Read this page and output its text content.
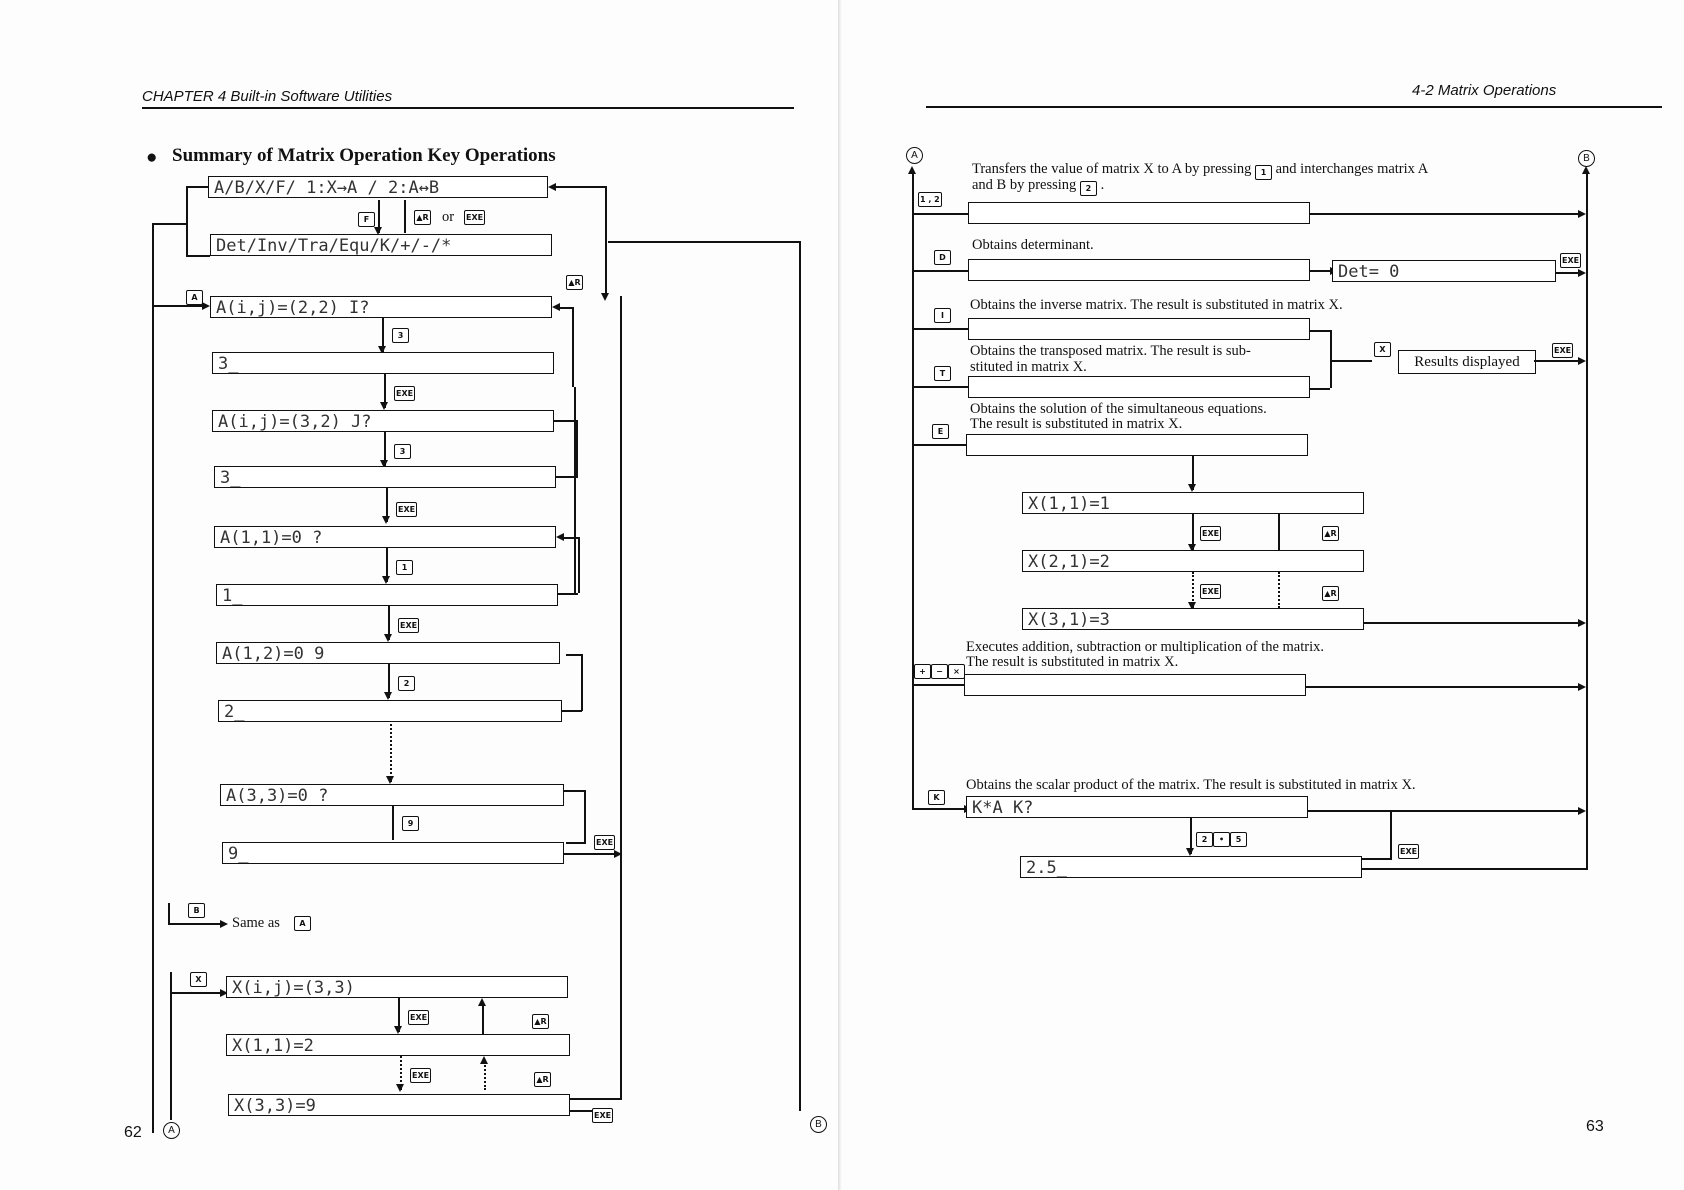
CHAPTER 4 Built-in Software Utilities
● Summary of Matrix Operation Key Operations
A/B/X/F/ 1:X→A / 2:A↔B
F	▲R or EXE
Det/Inv/Tra/Equ/K/+/-/*
▲R
A
A(i,j)=(2,2) I?
3
3_
EXE
A(i,j)=(3,2) J?
3
3_
EXE
A(1,1)=0 ?
1
1_
EXE
A(1,2)=0 9
2
2_
A(3,3)=0 ?
9
9_
EXE
B
Same as	A
X	X(i,j)=(3,3)
EXE	▲R
X(1,1)=2
EXE	▲R
X(3,3)=9	EXE
62	A
B
4-2 Matrix Operations
A	B
Transfers the value of matrix X to A by pressing 1 and interchanges matrix A
and B by pressing 2 .
1 , 2
Obtains determinant.
D
Det= 0
EXE
Obtains the inverse matrix. The result is substituted in matrix X.
I
Obtains the transposed matrix. The result is sub-
stituted in matrix X.
T
X
Results displayed
EXE
Obtains the solution of the simultaneous equations.
The result is substituted in matrix X.
E
X(1,1)=1
EXE	▲R
X(2,1)=2
EXE	▲R
X(3,1)=3
Executes addition, subtraction or multiplication of the matrix.
The result is substituted in matrix X.
+	−	×
Obtains the scalar product of the matrix. The result is substituted in matrix X.
K
K*A K?
2	•	5
EXE
2.5_
63
